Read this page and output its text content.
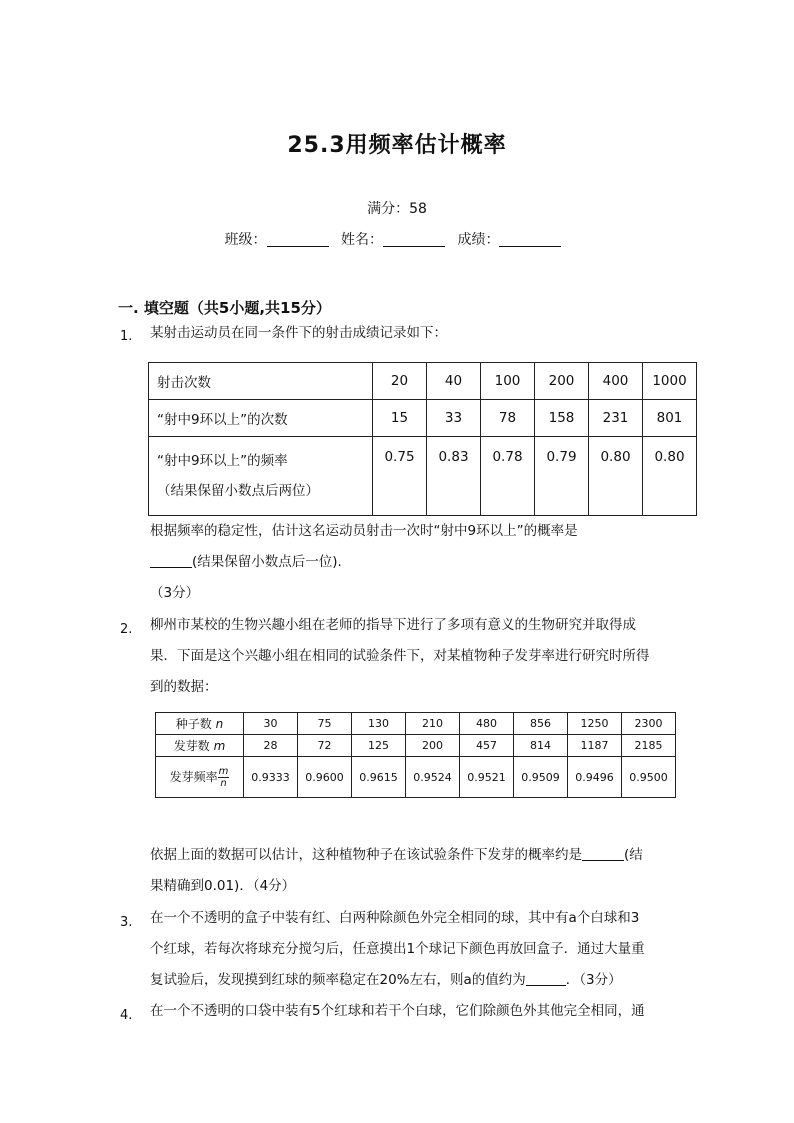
25.3用频率估计概率
满分：58
班级：	姓名：	成绩：
一. 填空题（共5小题,共15分）
1. 某射击运动员在同一条件下的射击成绩记录如下：
射击次数	20	40	100	200	400	1000
“射中9环以上”的次数	15	33	78	158	231	801

“射中9环以上”的频率
（结果保留小数点后两位）	0.75	0.83	0.78	0.79	0.80	0.80
根据频率的稳定性，估计这名运动员射击一次时“射中9环以上”的概率是
(结果保留小数点后一位).
（3分）
2. 柳州市某校的生物兴趣小组在老师的指导下进行了多项有意义的生物研究并取得成
果．下面是这个兴趣小组在相同的试验条件下，对某植物种子发芽率进行研究时所得
到的数据：
种子数 n	30	75	130	210	480	856	1250	2300
发芽数 m	28	72	125	200	457	814	1187	2185
发芽频率 $\frac{m}{n}$	0.9333	0.9600	0.9615	0.9524	0.9521	0.9509	0.9496	0.9500
依据上面的数据可以估计，这种植物种子在该试验条件下发芽的概率约是	(结
果精确到0.01)．（4分）
3. 在一个不透明的盒子中装有红、白两种除颜色外完全相同的球，其中有a个白球和3
个红球，若每次将球充分搅匀后，任意摸出1个球记下颜色再放回盒子．通过大量重
复试验后，发现摸到红球的频率稳定在20%左右，则a的值约为	．（3分）
4. 在一个不透明的口袋中装有5个红球和若干个白球，它们除颜色外其他完全相同，通
